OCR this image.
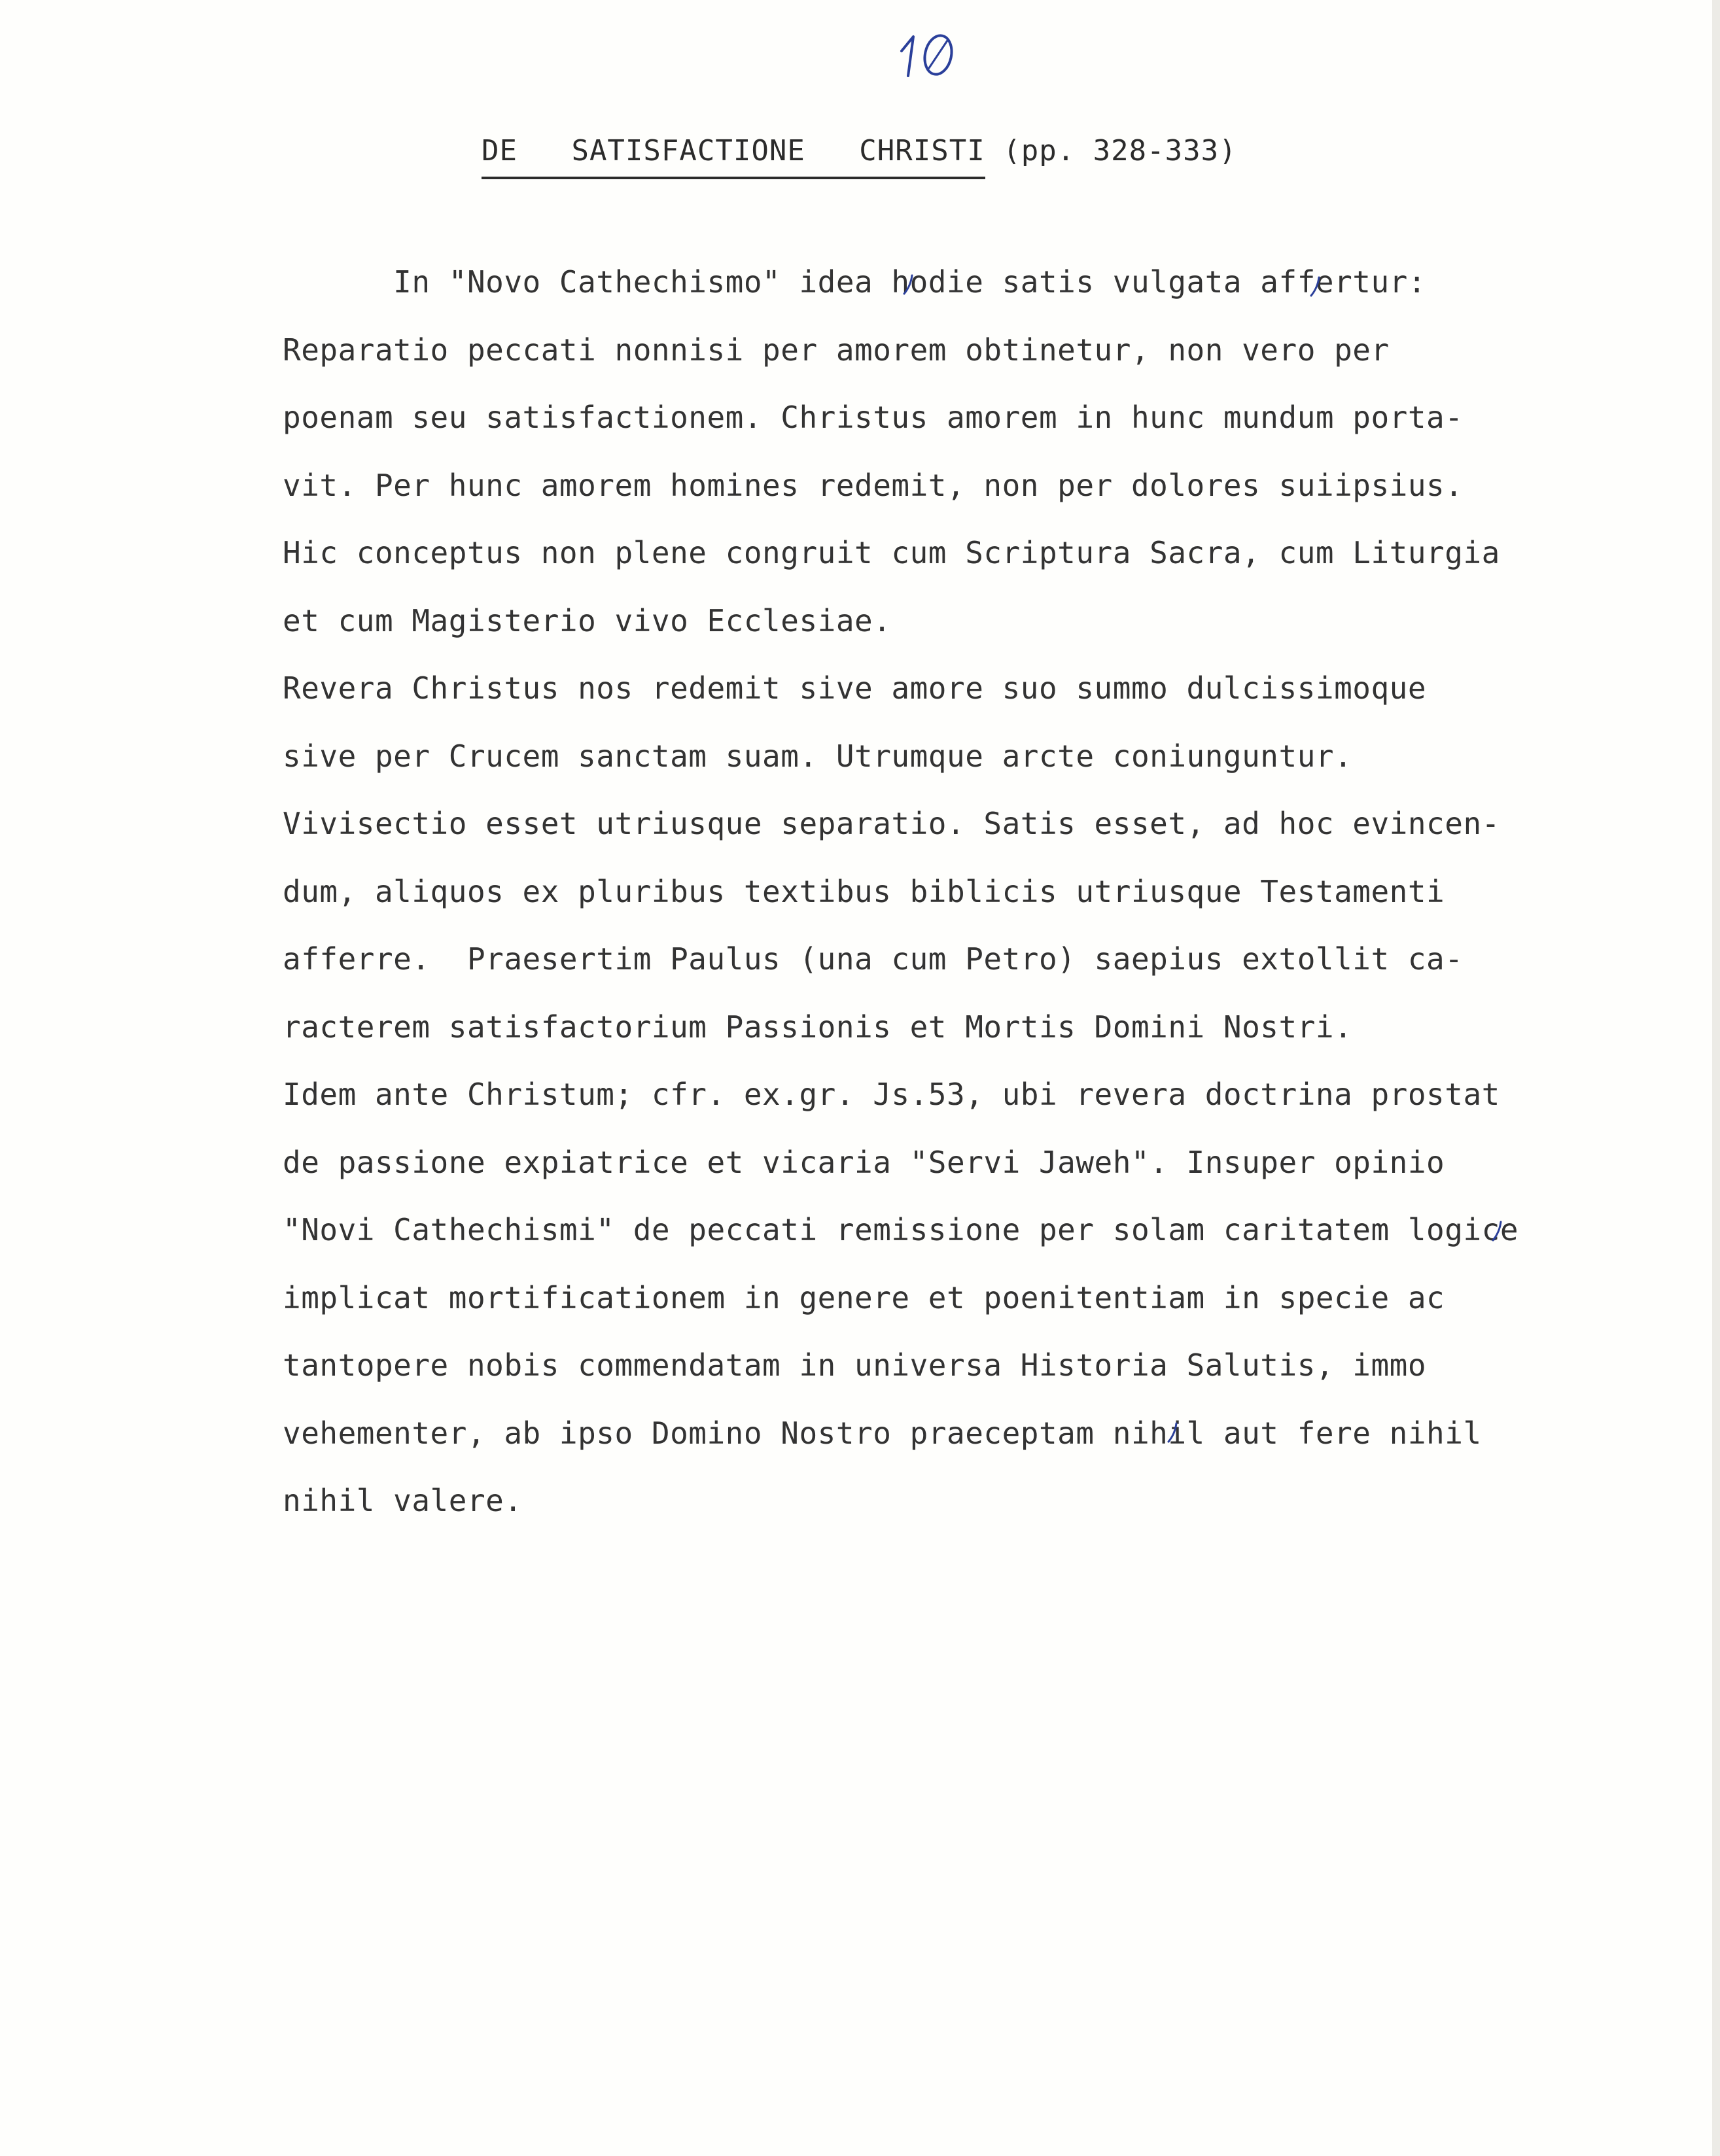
DE   SATISFACTIONE   CHRISTI (pp. 328-333)
In "Novo Cathechismo" idea hodie satis vulgata affertur:
Reparatio peccati nonnisi per amorem obtinetur, non vero per
poenam seu satisfactionem. Christus amorem in hunc mundum porta-
vit. Per hunc amorem homines redemit, non per dolores suiipsius.
Hic conceptus non plene congruit cum Scriptura Sacra, cum Liturgia
et cum Magisterio vivo Ecclesiae.
Revera Christus nos redemit sive amore suo summo dulcissimoque
sive per Crucem sanctam suam. Utrumque arcte coniunguntur.
Vivisectio esset utriusque separatio. Satis esset, ad hoc evincen-
dum, aliquos ex pluribus textibus biblicis utriusque Testamenti
afferre.  Praesertim Paulus (una cum Petro) saepius extollit ca-
racterem satisfactorium Passionis et Mortis Domini Nostri.
Idem ante Christum; cfr. ex.gr. Js.53, ubi revera doctrina prostat
de passione expiatrice et vicaria "Servi Jaweh". Insuper opinio
"Novi Cathechismi" de peccati remissione per solam caritatem logice
implicat mortificationem in genere et poenitentiam in specie ac
tantopere nobis commendatam in universa Historia Salutis, immo
vehementer, ab ipso Domino Nostro praeceptam nihil aut fere nihil
nihil valere.
